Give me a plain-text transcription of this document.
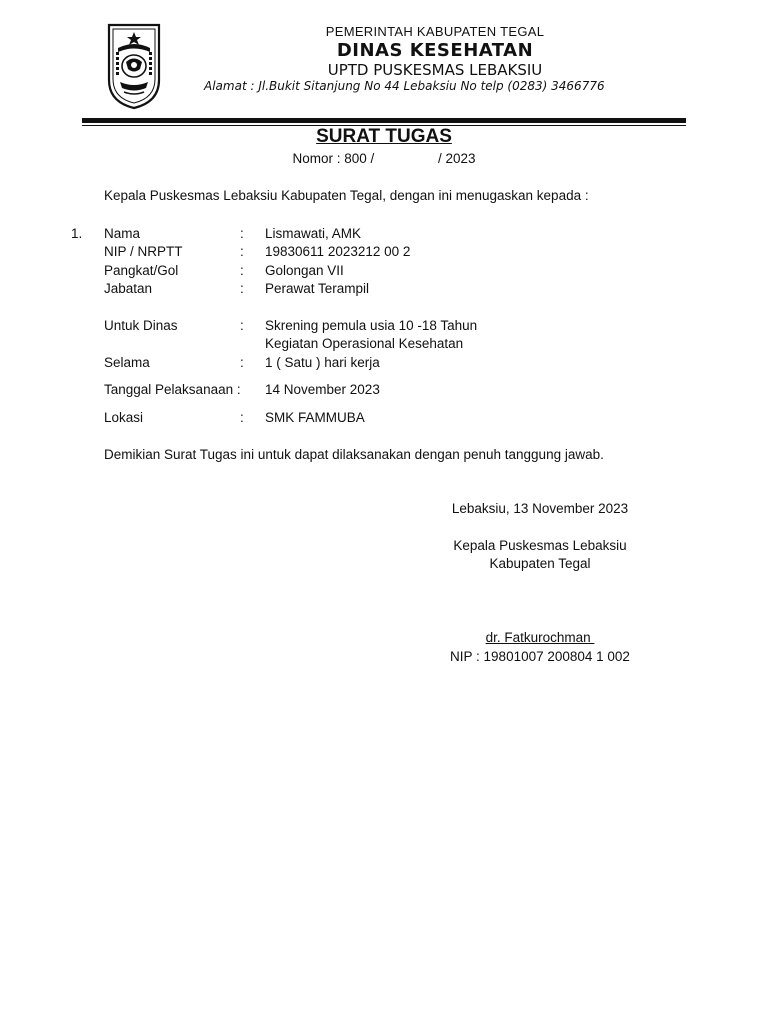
PEMERINTAH KABUPATEN TEGAL
DINAS KESEHATAN
UPTD PUSKESMAS LEBAKSIU
Alamat : Jl.Bukit Sitanjung No 44 Lebaksiu No telp (0283) 3466776
SURAT TUGAS
Nomor : 800 /                 / 2023
Kepala Puskesmas Lebaksiu Kabupaten Tegal, dengan ini menugaskan kepada :
1. Nama	: Lismawati, AMK
NIP / NRPTT	: 19830611 2023212 00 2
Pangkat/Gol	: Golongan VII
Jabatan	: Perawat Terampil
Untuk Dinas	: Skrening pemula usia 10 -18 Tahun
Kegiatan Operasional Kesehatan
Selama	: 1 ( Satu ) hari kerja
Tanggal Pelaksanaan : 14 November 2023
Lokasi	: SMK FAMMUBA
Demikian Surat Tugas ini untuk dapat dilaksanakan dengan penuh tanggung jawab.
Lebaksiu, 13 November 2023
Kepala Puskesmas Lebaksiu
Kabupaten Tegal
dr. Fatkurochman
NIP : 19801007 200804 1 002
